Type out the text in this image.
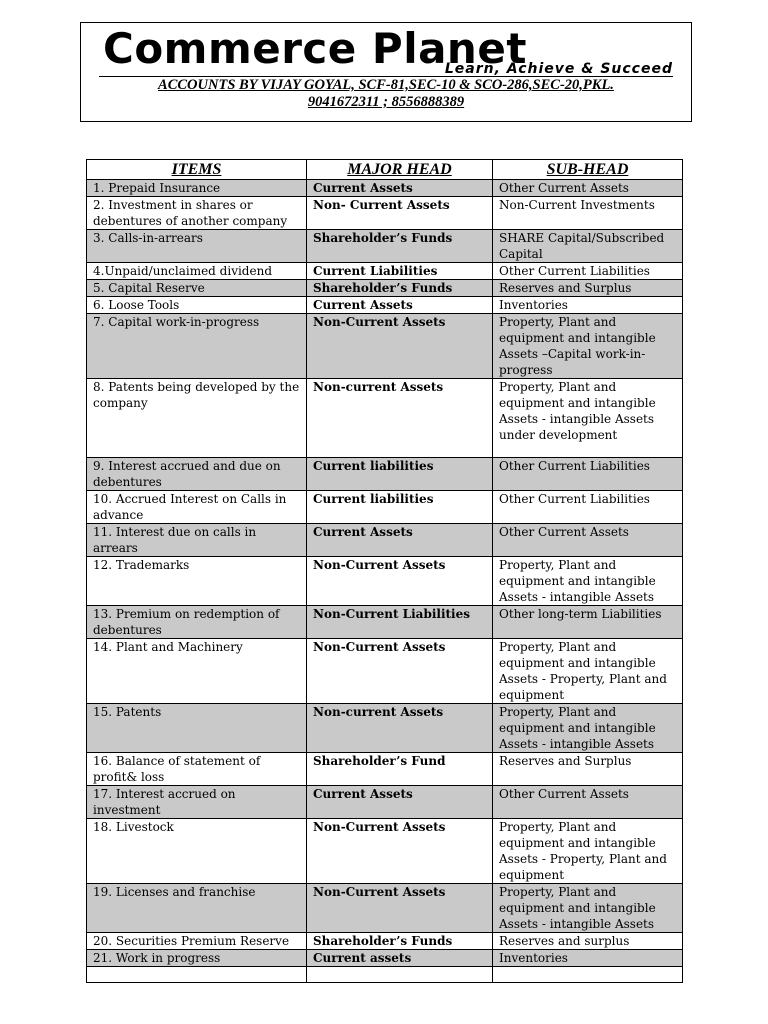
Commerce Planet
Learn, Achieve & Succeed
ACCOUNTS BY VIJAY GOYAL, SCF-81,SEC-10 & SCO-286,SEC-20,PKL.
9041672311 ; 8556888389
ITEMS	MAJOR HEAD	SUB-HEAD
1. Prepaid Insurance	Current Assets	Other Current Assets
2. Investment in shares or debentures of another company	Non- Current Assets	Non-Current Investments
3. Calls-in-arrears	Shareholder’s Funds	SHARE Capital/Subscribed Capital
4.Unpaid/unclaimed dividend	Current Liabilities	Other Current Liabilities
5. Capital Reserve	Shareholder’s Funds	Reserves and Surplus
6. Loose Tools	Current Assets	Inventories
7. Capital work-in-progress	Non-Current Assets	Property, Plant and equipment and intangible Assets –Capital work-in-progress
8. Patents being developed by the company	Non-current Assets	Property, Plant and equipment and intangible Assets - intangible Assets under development
9. Interest accrued and due on debentures	Current liabilities	Other Current Liabilities
10. Accrued Interest on Calls in advance	Current liabilities	Other Current Liabilities
11. Interest due on calls in arrears	Current Assets	Other Current Assets
12. Trademarks	Non-Current Assets	Property, Plant and equipment and intangible Assets - intangible Assets
13. Premium on redemption of debentures	Non-Current Liabilities	Other long-term Liabilities
14. Plant and Machinery	Non-Current Assets	Property, Plant and equipment and intangible Assets - Property, Plant and equipment
15. Patents	Non-current Assets	Property, Plant and equipment and intangible Assets - intangible Assets
16. Balance of statement of profit& loss	Shareholder’s Fund	Reserves and Surplus
17. Interest accrued on investment	Current Assets	Other Current Assets
18. Livestock	Non-Current Assets	Property, Plant and equipment and intangible Assets - Property, Plant and equipment
19. Licenses and franchise	Non-Current Assets	Property, Plant and equipment and intangible Assets - intangible Assets
20. Securities Premium Reserve	Shareholder’s Funds	Reserves and surplus
21. Work in progress	Current assets	Inventories
